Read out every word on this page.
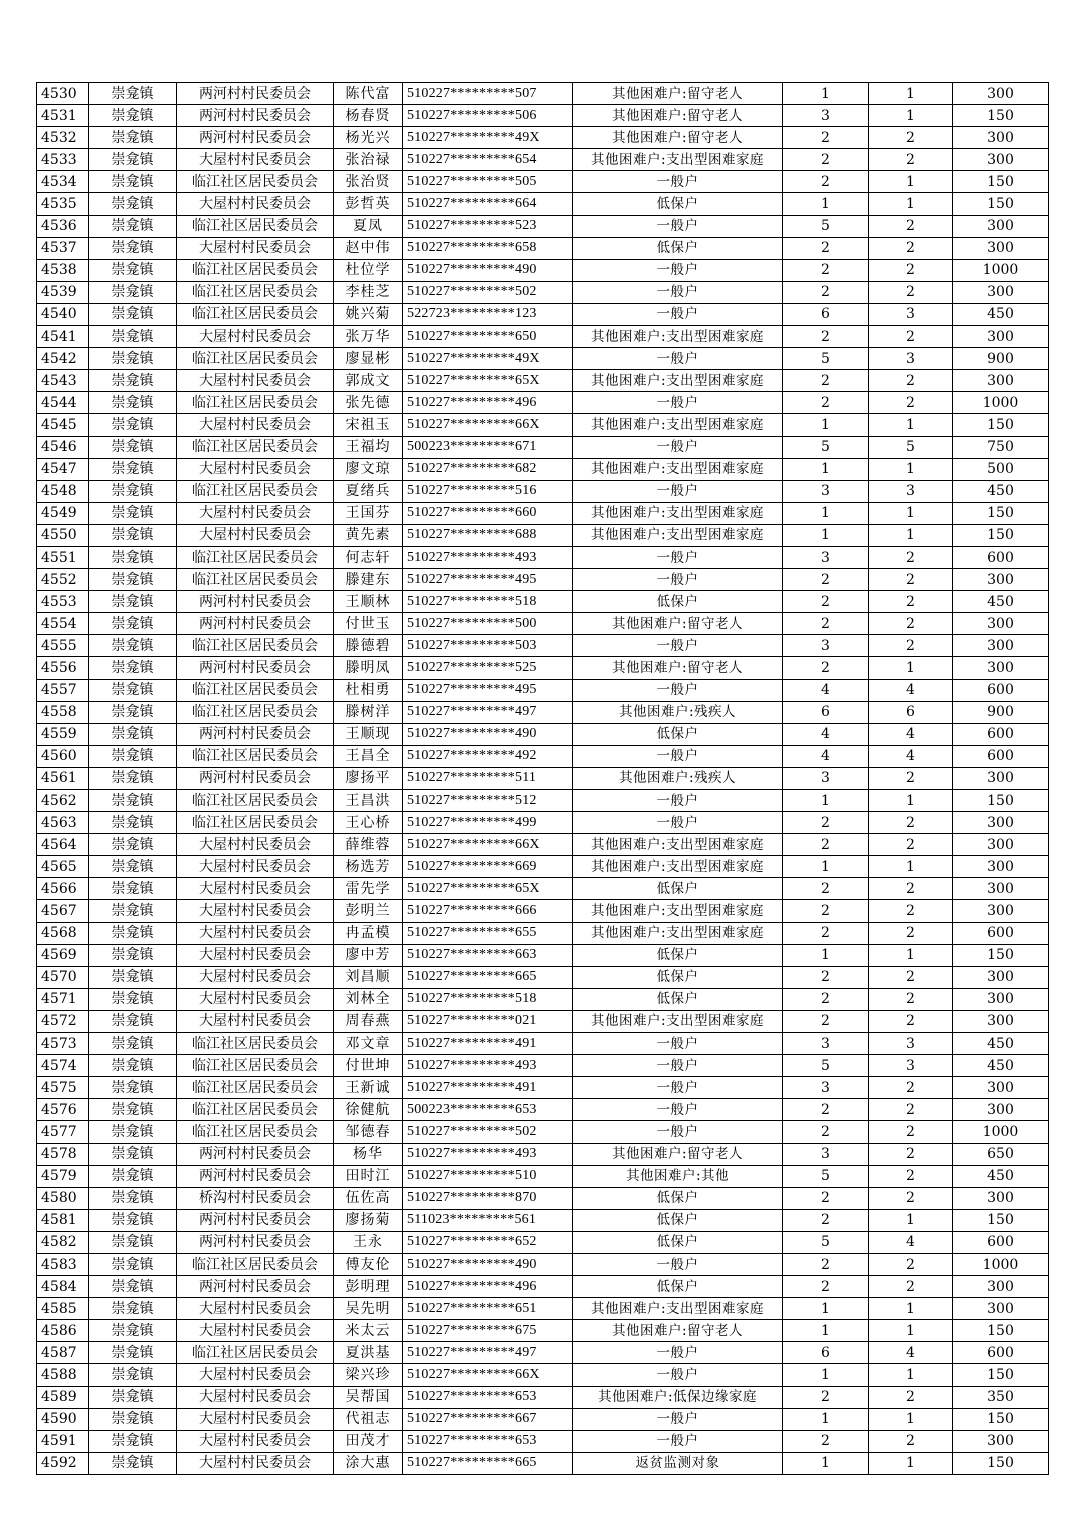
4530	崇龛镇	两河村村民委员会	陈代富	510227*********507	其他困难户:留守老人	1	1	300
4531	崇龛镇	两河村村民委员会	杨春贤	510227*********506	其他困难户:留守老人	3	1	150
4532	崇龛镇	两河村村民委员会	杨光兴	510227*********49X	其他困难户:留守老人	2	2	300
4533	崇龛镇	大屋村村民委员会	张治禄	510227*********654	其他困难户:支出型困难家庭	2	2	300
4534	崇龛镇	临江社区居民委员会	张治贤	510227*********505	一般户	2	1	150
4535	崇龛镇	大屋村村民委员会	彭哲英	510227*********664	低保户	1	1	150
4536	崇龛镇	临江社区居民委员会	夏凤	510227*********523	一般户	5	2	300
4537	崇龛镇	大屋村村民委员会	赵中伟	510227*********658	低保户	2	2	300
4538	崇龛镇	临江社区居民委员会	杜位学	510227*********490	一般户	2	2	1000
4539	崇龛镇	临江社区居民委员会	李桂芝	510227*********502	一般户	2	2	300
4540	崇龛镇	临江社区居民委员会	姚兴菊	522723*********123	一般户	6	3	450
4541	崇龛镇	大屋村村民委员会	张万华	510227*********650	其他困难户:支出型困难家庭	2	2	300
4542	崇龛镇	临江社区居民委员会	廖显彬	510227*********49X	一般户	5	3	900
4543	崇龛镇	大屋村村民委员会	郭成文	510227*********65X	其他困难户:支出型困难家庭	2	2	300
4544	崇龛镇	临江社区居民委员会	张先德	510227*********496	一般户	2	2	1000
4545	崇龛镇	大屋村村民委员会	宋祖玉	510227*********66X	其他困难户:支出型困难家庭	1	1	150
4546	崇龛镇	临江社区居民委员会	王福均	500223*********671	一般户	5	5	750
4547	崇龛镇	大屋村村民委员会	廖文琼	510227*********682	其他困难户:支出型困难家庭	1	1	500
4548	崇龛镇	临江社区居民委员会	夏绪兵	510227*********516	一般户	3	3	450
4549	崇龛镇	大屋村村民委员会	王国芬	510227*********660	其他困难户:支出型困难家庭	1	1	150
4550	崇龛镇	大屋村村民委员会	黄先素	510227*********688	其他困难户:支出型困难家庭	1	1	150
4551	崇龛镇	临江社区居民委员会	何志轩	510227*********493	一般户	3	2	600
4552	崇龛镇	临江社区居民委员会	滕建东	510227*********495	一般户	2	2	300
4553	崇龛镇	两河村村民委员会	王顺林	510227*********518	低保户	2	2	450
4554	崇龛镇	两河村村民委员会	付世玉	510227*********500	其他困难户:留守老人	2	2	300
4555	崇龛镇	临江社区居民委员会	滕德碧	510227*********503	一般户	3	2	300
4556	崇龛镇	两河村村民委员会	滕明凤	510227*********525	其他困难户:留守老人	2	1	300
4557	崇龛镇	临江社区居民委员会	杜相勇	510227*********495	一般户	4	4	600
4558	崇龛镇	临江社区居民委员会	滕树洋	510227*********497	其他困难户:残疾人	6	6	900
4559	崇龛镇	两河村村民委员会	王顺现	510227*********490	低保户	4	4	600
4560	崇龛镇	临江社区居民委员会	王昌全	510227*********492	一般户	4	4	600
4561	崇龛镇	两河村村民委员会	廖扬平	510227*********511	其他困难户:残疾人	3	2	300
4562	崇龛镇	临江社区居民委员会	王昌洪	510227*********512	一般户	1	1	150
4563	崇龛镇	临江社区居民委员会	王心桥	510227*********499	一般户	2	2	300
4564	崇龛镇	大屋村村民委员会	薛维蓉	510227*********66X	其他困难户:支出型困难家庭	2	2	300
4565	崇龛镇	大屋村村民委员会	杨选芳	510227*********669	其他困难户:支出型困难家庭	1	1	300
4566	崇龛镇	大屋村村民委员会	雷先学	510227*********65X	低保户	2	2	300
4567	崇龛镇	大屋村村民委员会	彭明兰	510227*********666	其他困难户:支出型困难家庭	2	2	300
4568	崇龛镇	大屋村村民委员会	冉孟模	510227*********655	其他困难户:支出型困难家庭	2	2	600
4569	崇龛镇	大屋村村民委员会	廖中芳	510227*********663	低保户	1	1	150
4570	崇龛镇	大屋村村民委员会	刘昌顺	510227*********665	低保户	2	2	300
4571	崇龛镇	大屋村村民委员会	刘林全	510227*********518	低保户	2	2	300
4572	崇龛镇	大屋村村民委员会	周春燕	510227*********021	其他困难户:支出型困难家庭	2	2	300
4573	崇龛镇	临江社区居民委员会	邓文章	510227*********491	一般户	3	3	450
4574	崇龛镇	临江社区居民委员会	付世坤	510227*********493	一般户	5	3	450
4575	崇龛镇	临江社区居民委员会	王新诚	510227*********491	一般户	3	2	300
4576	崇龛镇	临江社区居民委员会	徐健航	500223*********653	一般户	2	2	300
4577	崇龛镇	临江社区居民委员会	邹德春	510227*********502	一般户	2	2	1000
4578	崇龛镇	两河村村民委员会	杨华	510227*********493	其他困难户:留守老人	3	2	650
4579	崇龛镇	两河村村民委员会	田时江	510227*********510	其他困难户:其他	5	2	450
4580	崇龛镇	桥沟村村民委员会	伍佐高	510227*********870	低保户	2	2	300
4581	崇龛镇	两河村村民委员会	廖扬菊	511023*********561	低保户	2	1	150
4582	崇龛镇	两河村村民委员会	王永	510227*********652	低保户	5	4	600
4583	崇龛镇	临江社区居民委员会	傅友伦	510227*********490	一般户	2	2	1000
4584	崇龛镇	两河村村民委员会	彭明理	510227*********496	低保户	2	2	300
4585	崇龛镇	大屋村村民委员会	吴先明	510227*********651	其他困难户:支出型困难家庭	1	1	300
4586	崇龛镇	大屋村村民委员会	米太云	510227*********675	其他困难户:留守老人	1	1	150
4587	崇龛镇	临江社区居民委员会	夏洪基	510227*********497	一般户	6	4	600
4588	崇龛镇	大屋村村民委员会	梁兴珍	510227*********66X	一般户	1	1	150
4589	崇龛镇	大屋村村民委员会	吴帮国	510227*********653	其他困难户:低保边缘家庭	2	2	350
4590	崇龛镇	大屋村村民委员会	代祖志	510227*********667	一般户	1	1	150
4591	崇龛镇	大屋村村民委员会	田茂才	510227*********653	一般户	2	2	300
4592	崇龛镇	大屋村村民委员会	涂大惠	510227*********665	返贫监测对象	1	1	150
